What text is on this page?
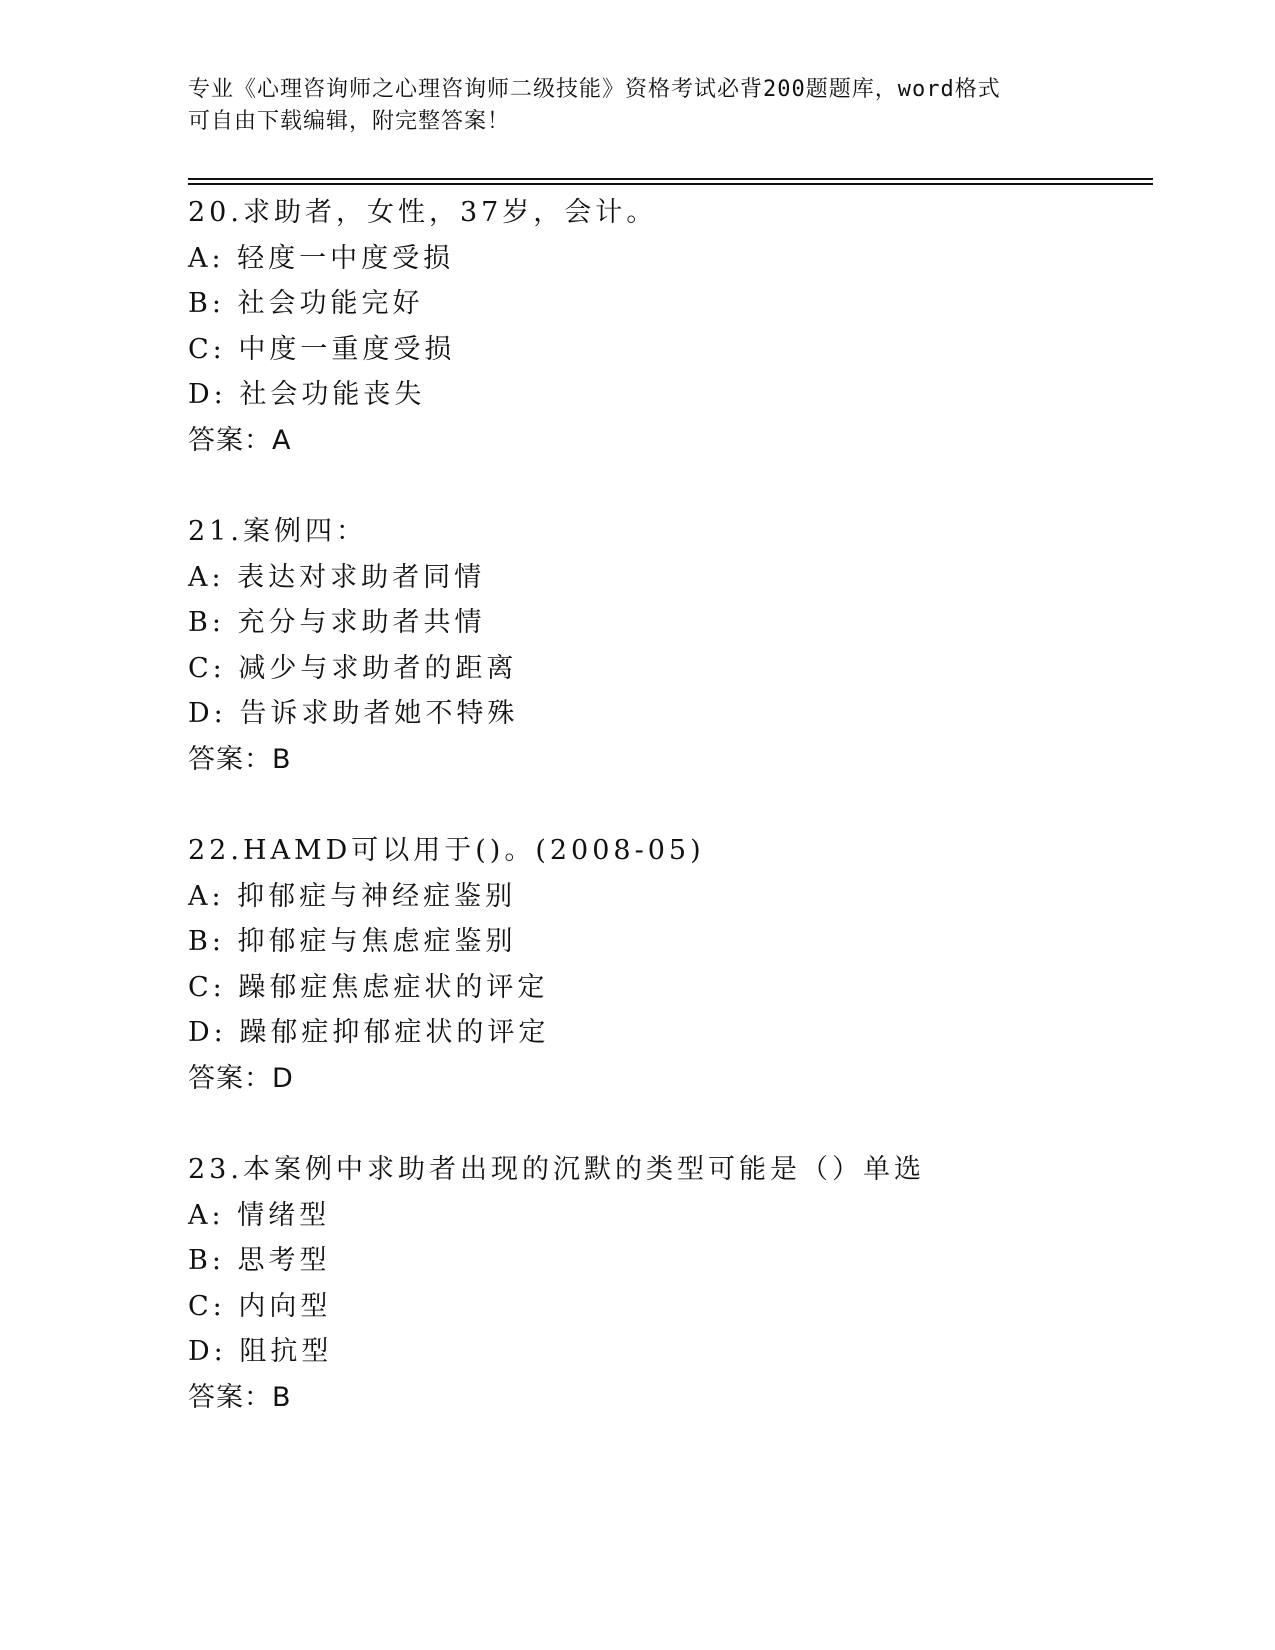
专业《心理咨询师之心理咨询师二级技能》资格考试必背200题题库，word格式
可自由下载编辑，附完整答案！
20.求助者，女性，37岁，会计。
A: 轻度一中度受损
B: 社会功能完好
C: 中度一重度受损
D: 社会功能丧失
答案：A
21.案例四：
A: 表达对求助者同情
B: 充分与求助者共情
C: 减少与求助者的距离
D: 告诉求助者她不特殊
答案：B
22.HAMD可以用于()。(2008-05)
A: 抑郁症与神经症鉴别
B: 抑郁症与焦虑症鉴别
C: 躁郁症焦虑症状的评定
D: 躁郁症抑郁症状的评定
答案：D
23.本案例中求助者出现的沉默的类型可能是（）单选
A: 情绪型
B: 思考型
C: 内向型
D: 阻抗型
答案：B
